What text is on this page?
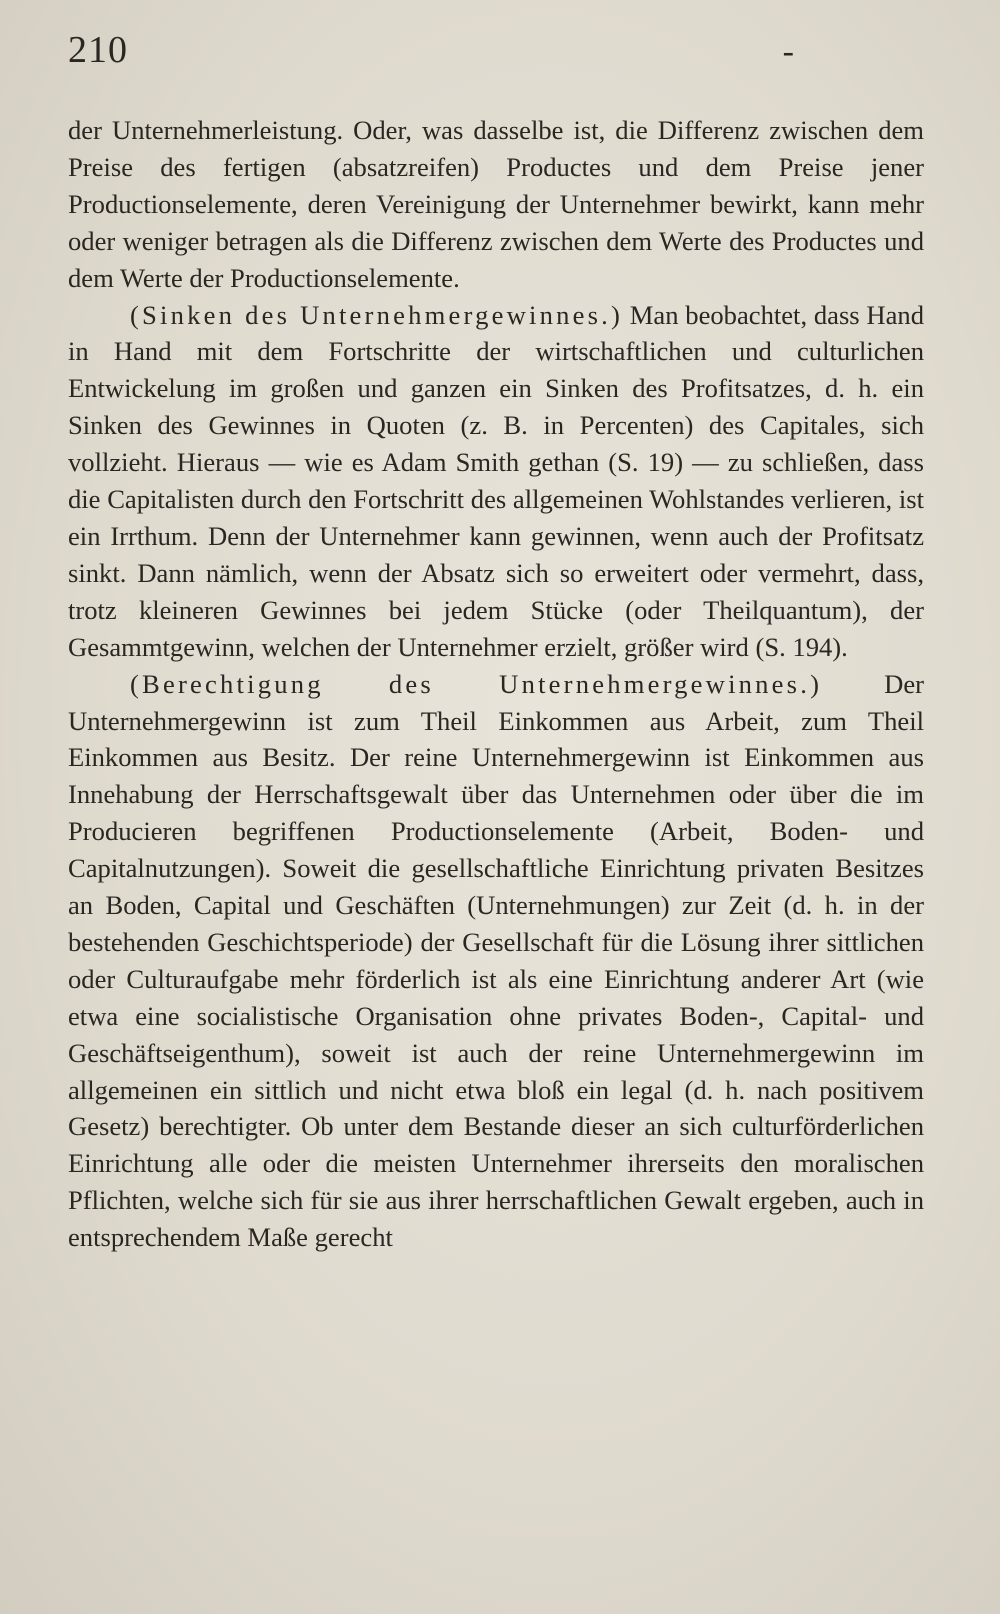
210	-

der Unternehmerleistung. Oder, was dasselbe ist, die Differenz zwischen dem Preise des fertigen (absatzreifen) Productes und dem Preise jener Productionselemente, deren Vereinigung der Unternehmer bewirkt, kann mehr oder weniger betragen als die Differenz zwischen dem Werte des Productes und dem Werte der Productionselemente.

(Sinken des Unternehmergewinnes.) Man beobachtet, dass Hand in Hand mit dem Fortschritte der wirtschaftlichen und culturlichen Entwickelung im großen und ganzen ein Sinken des Profitsatzes, d. h. ein Sinken des Gewinnes in Quoten (z. B. in Percenten) des Capitales, sich vollzieht. Hieraus — wie es Adam Smith gethan (S. 19) — zu schließen, dass die Capitalisten durch den Fortschritt des allgemeinen Wohlstandes verlieren, ist ein Irrthum. Denn der Unternehmer kann gewinnen, wenn auch der Profitsatz sinkt. Dann nämlich, wenn der Absatz sich so erweitert oder vermehrt, dass, trotz kleineren Gewinnes bei jedem Stücke (oder Theilquantum), der Gesammtgewinn, welchen der Unternehmer erzielt, größer wird (S. 194).

(Berechtigung des Unternehmergewinnes.) Der Unternehmergewinn ist zum Theil Einkommen aus Arbeit, zum Theil Einkommen aus Besitz. Der reine Unternehmergewinn ist Einkommen aus Innehabung der Herrschaftsgewalt über das Unternehmen oder über die im Producieren begriffenen Productionselemente (Arbeit, Boden- und Capitalnutzungen). Soweit die gesellschaftliche Einrichtung privaten Besitzes an Boden, Capital und Geschäften (Unternehmungen) zur Zeit (d. h. in der bestehenden Geschichtsperiode) der Gesellschaft für die Lösung ihrer sittlichen oder Culturaufgabe mehr förderlich ist als eine Einrichtung anderer Art (wie etwa eine socialistische Organisation ohne privates Boden-, Capital- und Geschäftseigenthum), soweit ist auch der reine Unternehmergewinn im allgemeinen ein sittlich und nicht etwa bloß ein legal (d. h. nach positivem Gesetz) berechtigter. Ob unter dem Bestande dieser an sich culturförderlichen Einrichtung alle oder die meisten Unternehmer ihrerseits den moralischen Pflichten, welche sich für sie aus ihrer herrschaftlichen Gewalt ergeben, auch in entsprechendem Maße gerecht
